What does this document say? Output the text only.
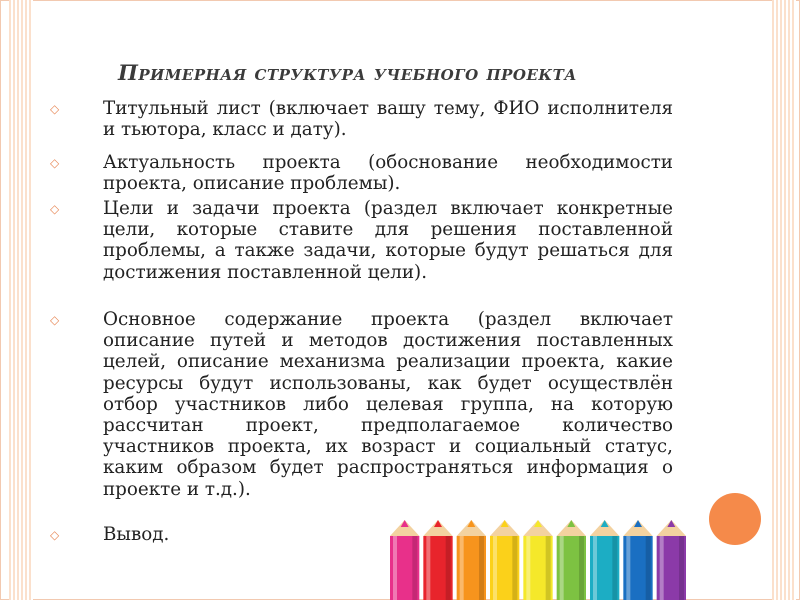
Примерная структура учебного проекта
◇ Титульный лист (включает вашу тему, ФИО исполнителя и тьютора, класс и дату).
◇ Актуальность проекта (обоснование необходимости проекта, описание проблемы).
◇ Цели и задачи проекта (раздел включает конкретные цели, которые ставите для решения поставленной проблемы, а также задачи, которые будут решаться для достижения поставленной цели).
◇ Основное содержание проекта (раздел включает описание путей и методов достижения поставленных целей, описание механизма реализации проекта, какие ресурсы будут использованы, как будет осуществлён отбор участников либо целевая группа, на которую рассчитан проект, предполагаемое количество участников проекта, их возраст и социальный статус, каким образом будет распространяться информация о проекте и т.д.).
◇ Вывод.
